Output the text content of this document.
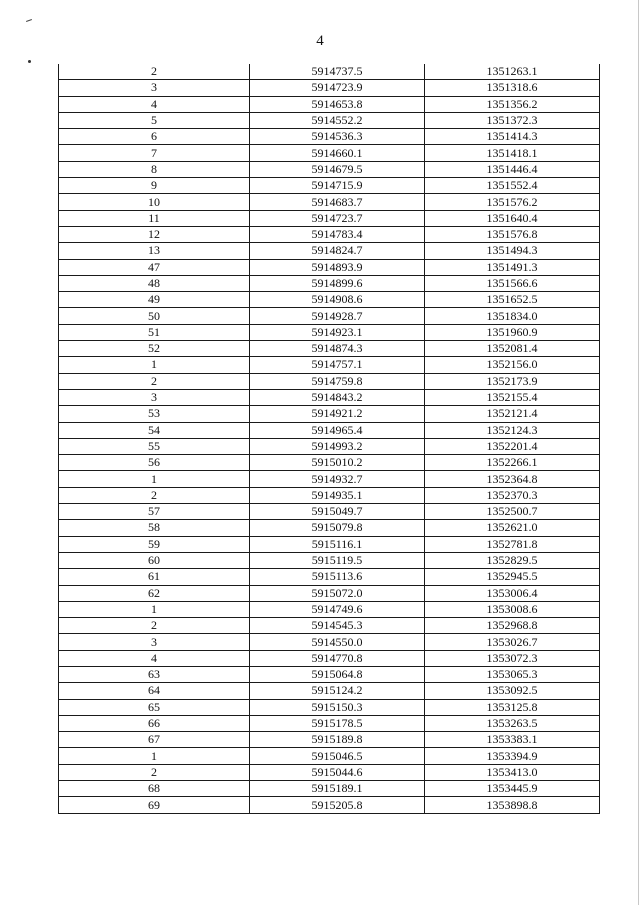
4
2	5914737.5	1351263.1
3	5914723.9	1351318.6
4	5914653.8	1351356.2
5	5914552.2	1351372.3
6	5914536.3	1351414.3
7	5914660.1	1351418.1
8	5914679.5	1351446.4
9	5914715.9	1351552.4
10	5914683.7	1351576.2
11	5914723.7	1351640.4
12	5914783.4	1351576.8
13	5914824.7	1351494.3
47	5914893.9	1351491.3
48	5914899.6	1351566.6
49	5914908.6	1351652.5
50	5914928.7	1351834.0
51	5914923.1	1351960.9
52	5914874.3	1352081.4
1	5914757.1	1352156.0
2	5914759.8	1352173.9
3	5914843.2	1352155.4
53	5914921.2	1352121.4
54	5914965.4	1352124.3
55	5914993.2	1352201.4
56	5915010.2	1352266.1
1	5914932.7	1352364.8
2	5914935.1	1352370.3
57	5915049.7	1352500.7
58	5915079.8	1352621.0
59	5915116.1	1352781.8
60	5915119.5	1352829.5
61	5915113.6	1352945.5
62	5915072.0	1353006.4
1	5914749.6	1353008.6
2	5914545.3	1352968.8
3	5914550.0	1353026.7
4	5914770.8	1353072.3
63	5915064.8	1353065.3
64	5915124.2	1353092.5
65	5915150.3	1353125.8
66	5915178.5	1353263.5
67	5915189.8	1353383.1
1	5915046.5	1353394.9
2	5915044.6	1353413.0
68	5915189.1	1353445.9
69	5915205.8	1353898.8
